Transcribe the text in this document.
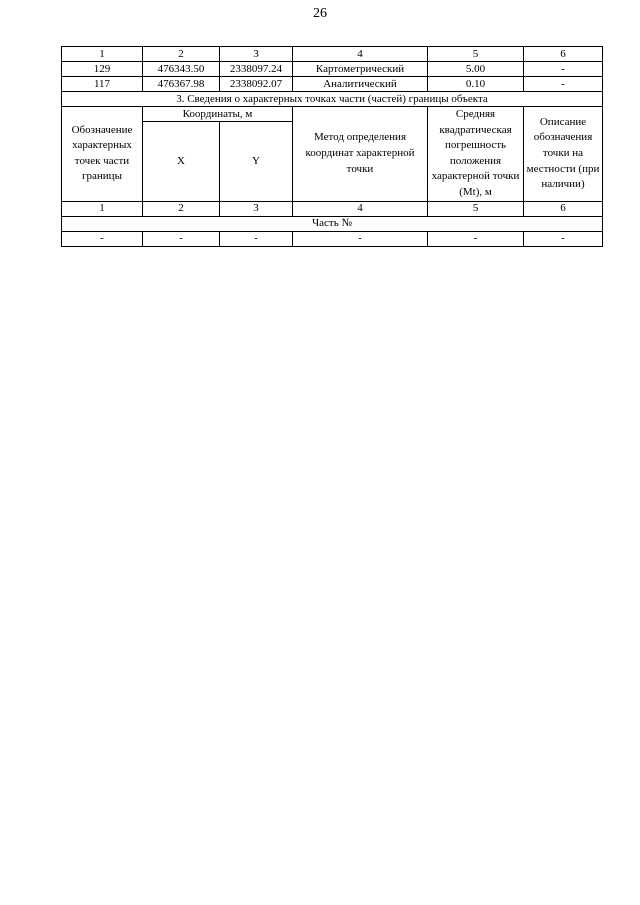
26
1	2	3	4	5	6
129	476343.50	2338097.24	Картометрический	5.00	-
117	476367.98	2338092.07	Аналитический	0.10	-
3. Сведения о характерных точках части (частей) границы объекта					
Обозначение характерных точек части границы	Координаты, м		Метод определения координат характерной точки	Средняя квадратическая погрешность положения характерной точки (Mt), м	Описание обозначения точки на местности (при наличии)
	X	Y			
1	2	3	4	5	6
Часть №					
-	-	-	-	-	-
